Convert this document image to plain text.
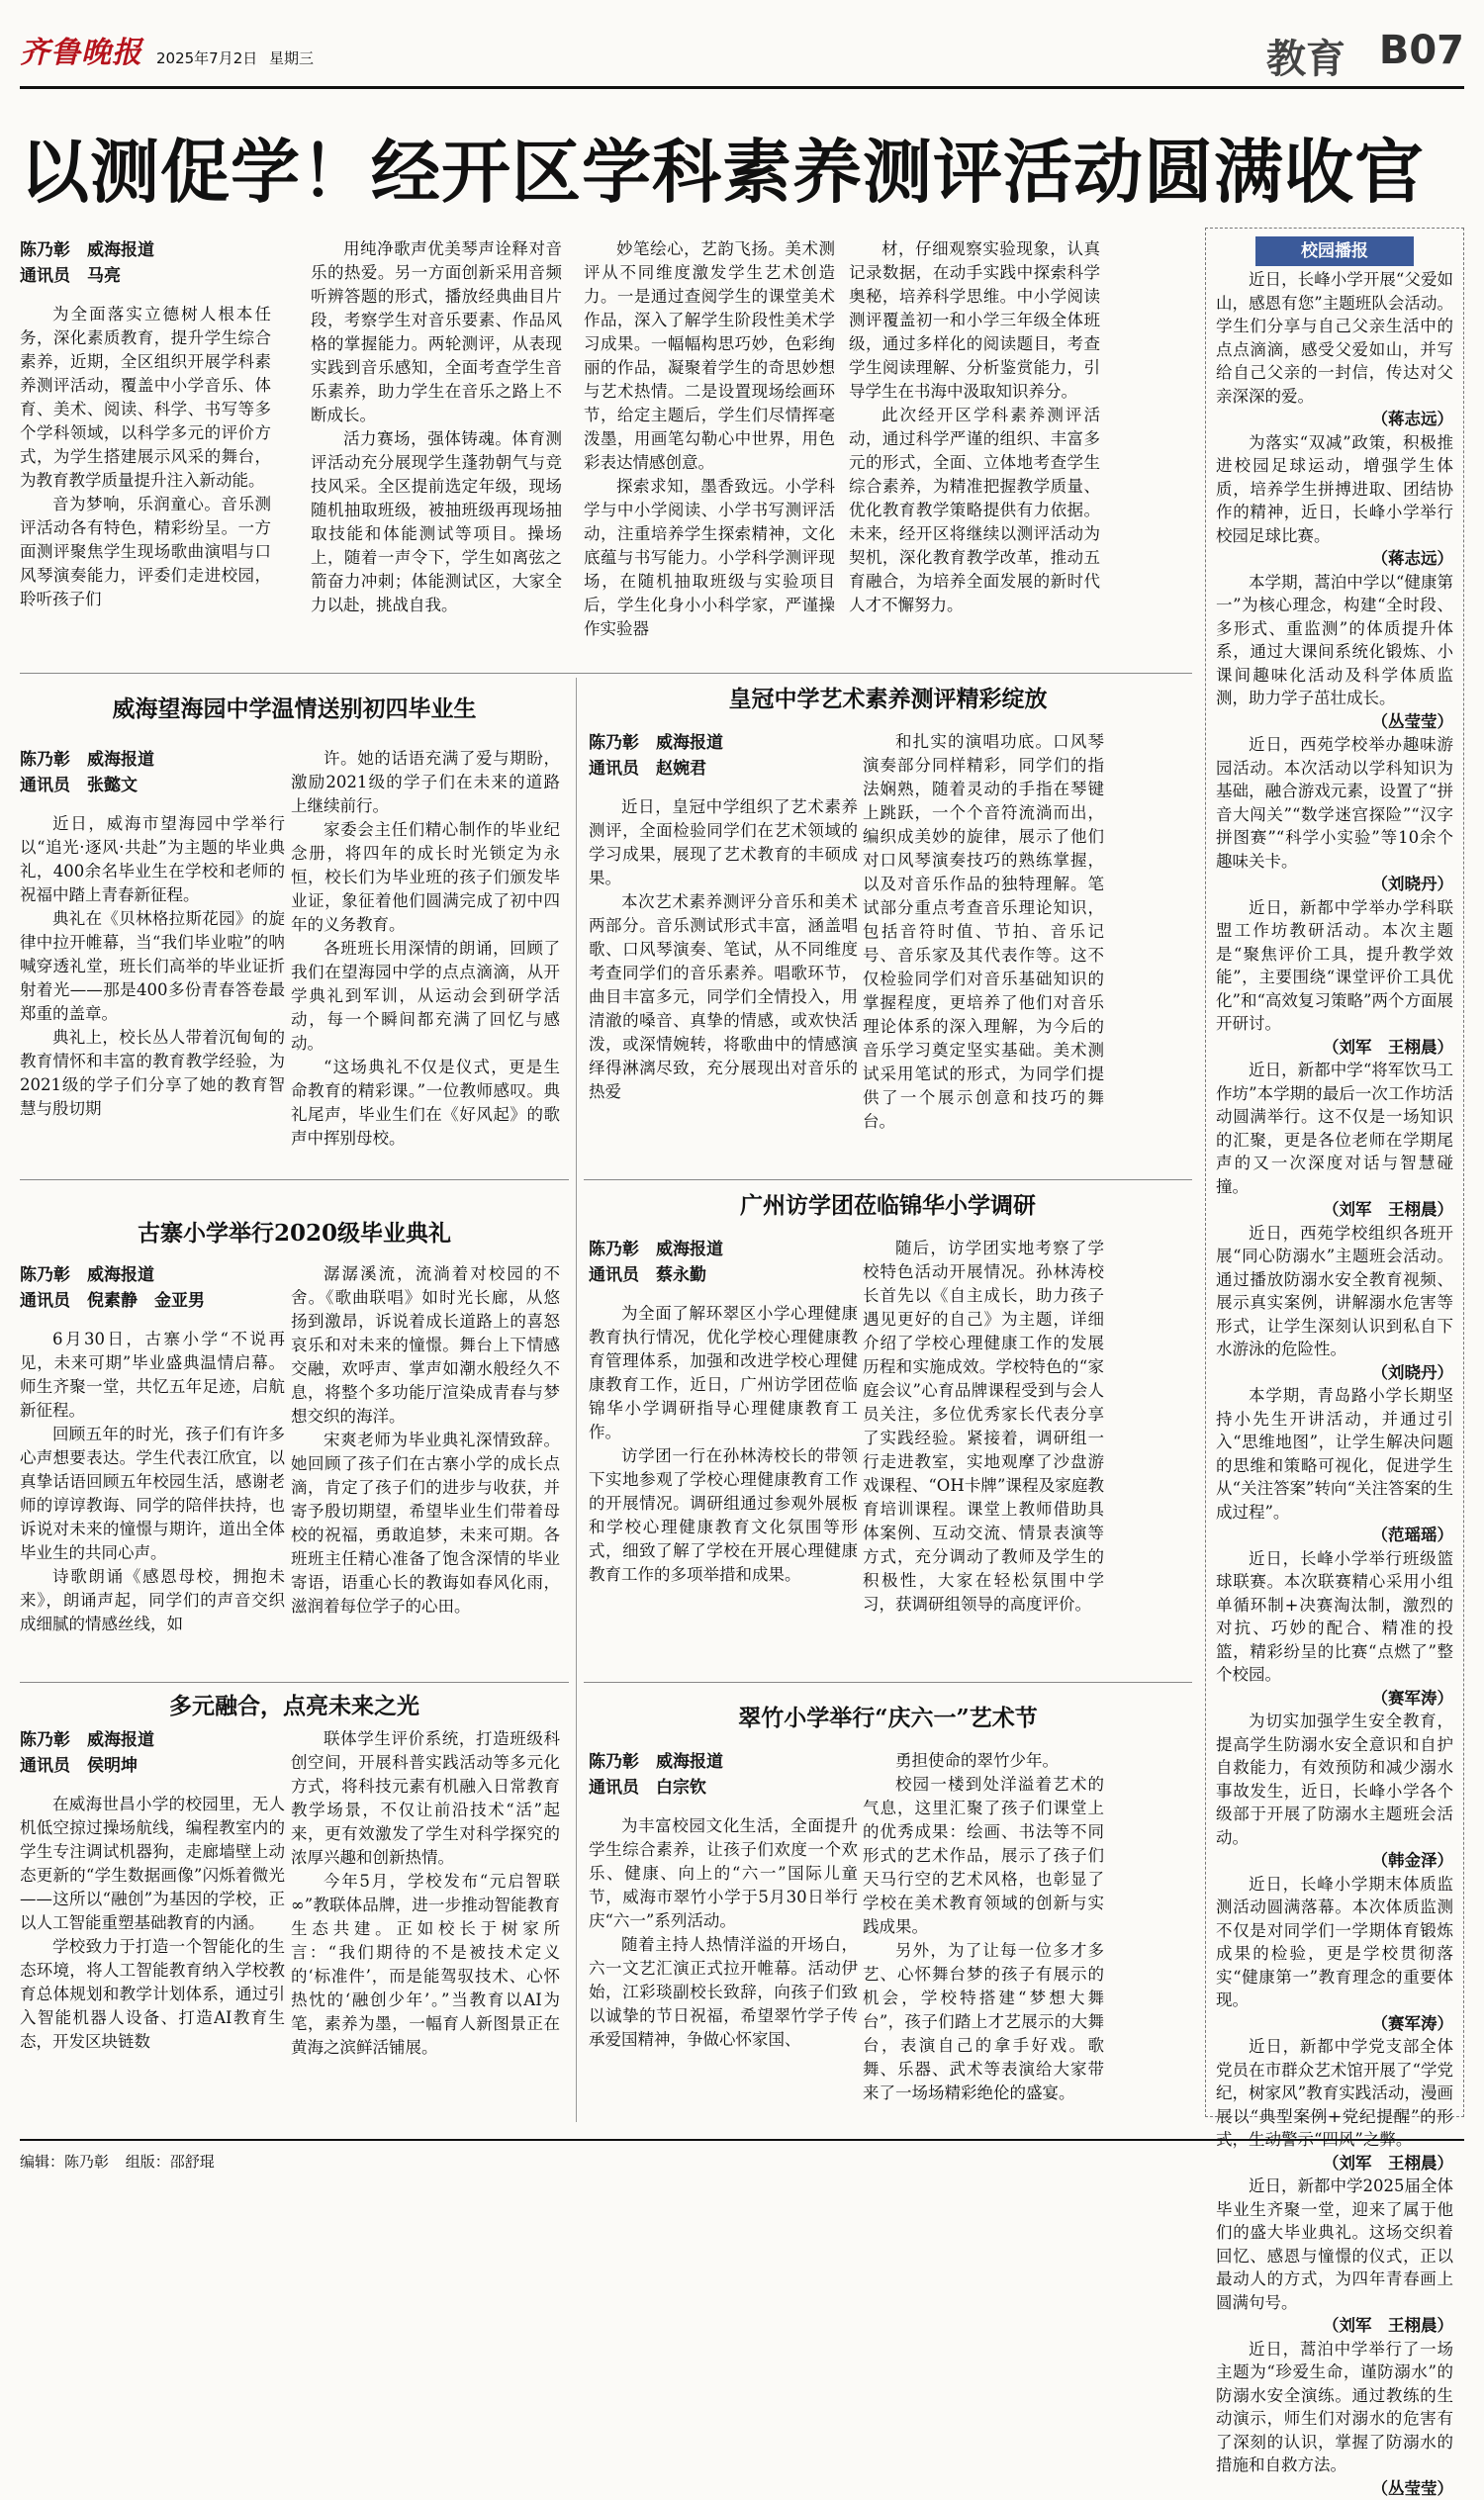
齐鲁晚报 2025年7月2日 星期三	教育 B07
以测促学！经开区学科素养测评活动圆满收官
陈乃彰　威海报道
通讯员　马亮

为全面落实立德树人根本任务，深化素质教育，提升学生综合素养，近期，全区组织开展学科素养测评活动，覆盖中小学音乐、体育、美术、阅读、科学、书写等多个学科领域，以科学多元的评价方式，为学生搭建展示风采的舞台，为教育教学质量提升注入新动能。

音为梦响，乐润童心。音乐测评活动各有特色，精彩纷呈。一方面测评聚焦学生现场歌曲演唱与口风琴演奏能力，评委们走进校园，聆听孩子们

用纯净歌声优美琴声诠释对音乐的热爱。另一方面创新采用音频听辨答题的形式，播放经典曲目片段，考察学生对音乐要素、作品风格的掌握能力。两轮测评，从表现实践到音乐感知，全面考查学生音乐素养，助力学生在音乐之路上不断成长。

活力赛场，强体铸魂。体育测评活动充分展现学生蓬勃朝气与竞技风采。全区提前选定年级，现场随机抽取班级，被抽班级再现场抽取技能和体能测试等项目。操场上，随着一声令下，学生如离弦之箭奋力冲刺；体能测试区，大家全力以赴，挑战自我。

妙笔绘心，艺韵飞扬。美术测评从不同维度激发学生艺术创造力。一是通过查阅学生的课堂美术作品，深入了解学生阶段性美术学习成果。一幅幅构思巧妙，色彩绚丽的作品，凝聚着学生的奇思妙想与艺术热情。二是设置现场绘画环节，给定主题后，学生们尽情挥毫泼墨，用画笔勾勒心中世界，用色彩表达情感创意。

探索求知，墨香致远。小学科学与中小学阅读、小学书写测评活动，注重培养学生探索精神，文化底蕴与书写能力。小学科学测评现场，在随机抽取班级与实验项目后，学生化身小小科学家，严谨操作实验器

材，仔细观察实验现象，认真记录数据，在动手实践中探索科学奥秘，培养科学思维。中小学阅读测评覆盖初一和小学三年级全体班级，通过多样化的阅读题目，考查学生阅读理解、分析鉴赏能力，引导学生在书海中汲取知识养分。

此次经开区学科素养测评活动，通过科学严谨的组织、丰富多元的形式，全面、立体地考查学生综合素养，为精准把握教学质量、优化教育教学策略提供有力依据。未来，经开区将继续以测评活动为契机，深化教育教学改革，推动五育融合，为培养全面发展的新时代人才不懈努力。

威海望海园中学温情送别初四毕业生
陈乃彰　威海报道
通讯员　张懿文

近日，威海市望海园中学举行以“追光·逐风·共赴”为主题的毕业典礼，400余名毕业生在学校和老师的祝福中踏上青春新征程。

典礼在《贝林格拉斯花园》的旋律中拉开帷幕，当“我们毕业啦”的呐喊穿透礼堂，班长们高举的毕业证折射着光——那是400多份青春答卷最郑重的盖章。

典礼上，校长丛人带着沉甸甸的教育情怀和丰富的教育教学经验，为2021级的学子们分享了她的教育智慧与殷切期

许。她的话语充满了爱与期盼，激励2021级的学子们在未来的道路上继续前行。

家委会主任们精心制作的毕业纪念册，将四年的成长时光锁定为永恒，校长们为毕业班的孩子们颁发毕业证，象征着他们圆满完成了初中四年的义务教育。

各班班长用深情的朗诵，回顾了我们在望海园中学的点点滴滴，从开学典礼到军训，从运动会到研学活动，每一个瞬间都充满了回忆与感动。

“这场典礼不仅是仪式，更是生命教育的精彩课。”一位教师感叹。典礼尾声，毕业生们在《好风起》的歌声中挥别母校。

皇冠中学艺术素养测评精彩绽放
陈乃彰　威海报道
通讯员　赵婉君

近日，皇冠中学组织了艺术素养测评，全面检验同学们在艺术领域的学习成果，展现了艺术教育的丰硕成果。

本次艺术素养测评分音乐和美术两部分。音乐测试形式丰富，涵盖唱歌、口风琴演奏、笔试，从不同维度考查同学们的音乐素养。唱歌环节，曲目丰富多元，同学们全情投入，用清澈的嗓音、真挚的情感，或欢快活泼，或深情婉转，将歌曲中的情感演绎得淋漓尽致，充分展现出对音乐的热爱

和扎实的演唱功底。口风琴演奏部分同样精彩，同学们的指法娴熟，随着灵动的手指在琴键上跳跃，一个个音符流淌而出，编织成美妙的旋律，展示了他们对口风琴演奏技巧的熟练掌握，以及对音乐作品的独特理解。笔试部分重点考查音乐理论知识，包括音符时值、节拍、音乐记号、音乐家及其代表作等。这不仅检验同学们对音乐基础知识的掌握程度，更培养了他们对音乐理论体系的深入理解，为今后的音乐学习奠定坚实基础。美术测试采用笔试的形式，为同学们提供了一个展示创意和技巧的舞台。

古寨小学举行2020级毕业典礼
陈乃彰　威海报道
通讯员　倪素静　金亚男

6月30日，古寨小学“不说再见，未来可期”毕业盛典温情启幕。师生齐聚一堂，共忆五年足迹，启航新征程。

回顾五年的时光，孩子们有许多心声想要表达。学生代表江欣宜，以真挚话语回顾五年校园生活，感谢老师的谆谆教诲、同学的陪伴扶持，也诉说对未来的憧憬与期许，道出全体毕业生的共同心声。

诗歌朗诵《感恩母校，拥抱未来》，朗诵声起，同学们的声音交织成细腻的情感丝线，如

潺潺溪流，流淌着对校园的不舍。《歌曲联唱》如时光长廊，从悠扬到激昂，诉说着成长道路上的喜怒哀乐和对未来的憧憬。舞台上下情感交融，欢呼声、掌声如潮水般经久不息，将整个多功能厅渲染成青春与梦想交织的海洋。

宋爽老师为毕业典礼深情致辞。她回顾了孩子们在古寨小学的成长点滴，肯定了孩子们的进步与收获，并寄予殷切期望，希望毕业生们带着母校的祝福，勇敢追梦，未来可期。各班班主任精心准备了饱含深情的毕业寄语，语重心长的教诲如春风化雨，滋润着每位学子的心田。

广州访学团莅临锦华小学调研
陈乃彰　威海报道
通讯员　蔡永勤

为全面了解环翠区小学心理健康教育执行情况，优化学校心理健康教育管理体系，加强和改进学校心理健康教育工作，近日，广州访学团莅临锦华小学调研指导心理健康教育工作。

访学团一行在孙林涛校长的带领下实地参观了学校心理健康教育工作的开展情况。调研组通过参观外展板和学校心理健康教育文化氛围等形式，细致了解了学校在开展心理健康教育工作的多项举措和成果。

随后，访学团实地考察了学校特色活动开展情况。孙林涛校长首先以《自主成长，助力孩子遇见更好的自己》为主题，详细介绍了学校心理健康工作的发展历程和实施成效。学校特色的“家庭会议”心育品牌课程受到与会人员关注，多位优秀家长代表分享了实践经验。紧接着，调研组一行走进教室，实地观摩了沙盘游戏课程、“OH卡牌”课程及家庭教育培训课程。课堂上教师借助具体案例、互动交流、情景表演等方式，充分调动了教师及学生的积极性，大家在轻松氛围中学习，获调研组领导的高度评价。

多元融合，点亮未来之光
陈乃彰　威海报道
通讯员　侯明坤

在威海世昌小学的校园里，无人机低空掠过操场航线，编程教室内的学生专注调试机器狗，走廊墙壁上动态更新的“学生数据画像”闪烁着微光——这所以“融创”为基因的学校，正以人工智能重塑基础教育的内涵。

学校致力于打造一个智能化的生态环境，将人工智能教育纳入学校教育总体规划和教学计划体系，通过引入智能机器人设备、打造AI教育生态，开发区块链数

联体学生评价系统，打造班级科创空间，开展科普实践活动等多元化方式，将科技元素有机融入日常教育教学场景，不仅让前沿技术“活”起来，更有效激发了学生对科学探究的浓厚兴趣和创新热情。

今年5月，学校发布“元启智联∞”教联体品牌，进一步推动智能教育生态共建。正如校长于树家所言：“我们期待的不是被技术定义的‘标准件’，而是能驾驭技术、心怀热忱的‘融创少年’。”当教育以AI为笔，素养为墨，一幅育人新图景正在黄海之滨鲜活铺展。

翠竹小学举行“庆六一”艺术节
陈乃彰　威海报道
通讯员　白宗钦

为丰富校园文化生活，全面提升学生综合素养，让孩子们欢度一个欢乐、健康、向上的“六一”国际儿童节，威海市翠竹小学于5月30日举行庆“六一”系列活动。

随着主持人热情洋溢的开场白，六一文艺汇演正式拉开帷幕。活动伊始，江彩琰副校长致辞，向孩子们致以诚挚的节日祝福，希望翠竹学子传承爱国精神，争做心怀家国、

勇担使命的翠竹少年。

校园一楼到处洋溢着艺术的气息，这里汇聚了孩子们课堂上的优秀成果：绘画、书法等不同形式的艺术作品，展示了孩子们天马行空的艺术风格，也彰显了学校在美术教育领域的创新与实践成果。

另外，为了让每一位多才多艺、心怀舞台梦的孩子有展示的机会，学校特搭建“梦想大舞台”，孩子们踏上才艺展示的大舞台，表演自己的拿手好戏。歌舞、乐器、武术等表演给大家带来了一场场精彩绝伦的盛宴。

校园播报

近日，长峰小学开展“父爱如山，感恩有您”主题班队会活动。学生们分享与自己父亲生活中的点点滴滴，感受父爱如山，并写给自己父亲的一封信，传达对父亲深深的爱。
（蒋志远）

为落实“双减”政策，积极推进校园足球运动，增强学生体质，培养学生拼搏进取、团结协作的精神，近日，长峰小学举行校园足球比赛。
（蒋志远）

本学期，蒿泊中学以“健康第一”为核心理念，构建“全时段、多形式、重监测”的体质提升体系，通过大课间系统化锻炼、小课间趣味化活动及科学体质监测，助力学子茁壮成长。
（丛莹莹）

近日，西苑学校举办趣味游园活动。本次活动以学科知识为基础，融合游戏元素，设置了“拼音大闯关”“数学迷宫探险”“汉字拼图赛”“科学小实验”等10余个趣味关卡。
（刘晓丹）

近日，新都中学举办学科联盟工作坊教研活动。本次主题是“聚焦评价工具，提升教学效能”，主要围绕“课堂评价工具优化”和“高效复习策略”两个方面展开研讨。
（刘军　王栩晨）

近日，新都中学“将军饮马工作坊”本学期的最后一次工作坊活动圆满举行。这不仅是一场知识的汇聚，更是各位老师在学期尾声的又一次深度对话与智慧碰撞。
（刘军　王栩晨）

近日，西苑学校组织各班开展“同心防溺水”主题班会活动。通过播放防溺水安全教育视频、展示真实案例，讲解溺水危害等形式，让学生深刻认识到私自下水游泳的危险性。
（刘晓丹）

本学期，青岛路小学长期坚持小先生开讲活动，并通过引入“思维地图”，让学生解决问题的思维和策略可视化，促进学生从“关注答案”转向“关注答案的生成过程”。
（范瑶瑶）

近日，长峰小学举行班级篮球联赛。本次联赛精心采用小组单循环制+决赛淘汰制，激烈的对抗、巧妙的配合、精准的投篮，精彩纷呈的比赛“点燃了”整个校园。
（赛军涛）

为切实加强学生安全教育，提高学生防溺水安全意识和自护自救能力，有效预防和减少溺水事故发生，近日，长峰小学各个级部于开展了防溺水主题班会活动。
（韩金泽）

近日，长峰小学期末体质监测活动圆满落幕。本次体质监测不仅是对同学们一学期体育锻炼成果的检验，更是学校贯彻落实“健康第一”教育理念的重要体现。
（赛军涛）

近日，新都中学党支部全体党员在市群众艺术馆开展了“学党纪，树家风”教育实践活动，漫画展以“典型案例+党纪提醒”的形式，生动警示“四风”之弊。
（刘军　王栩晨）

近日，新都中学2025届全体毕业生齐聚一堂，迎来了属于他们的盛大毕业典礼。这场交织着回忆、感恩与憧憬的仪式，正以最动人的方式，为四年青春画上圆满句号。
（刘军　王栩晨）

近日，蒿泊中学举行了一场主题为“珍爱生命，谨防溺水”的防溺水安全演练。通过教练的生动演示，师生们对溺水的危害有了深刻的认识，掌握了防溺水的措施和自救方法。
（丛莹莹）

编辑：陈乃彰 组版：邵舒琨
